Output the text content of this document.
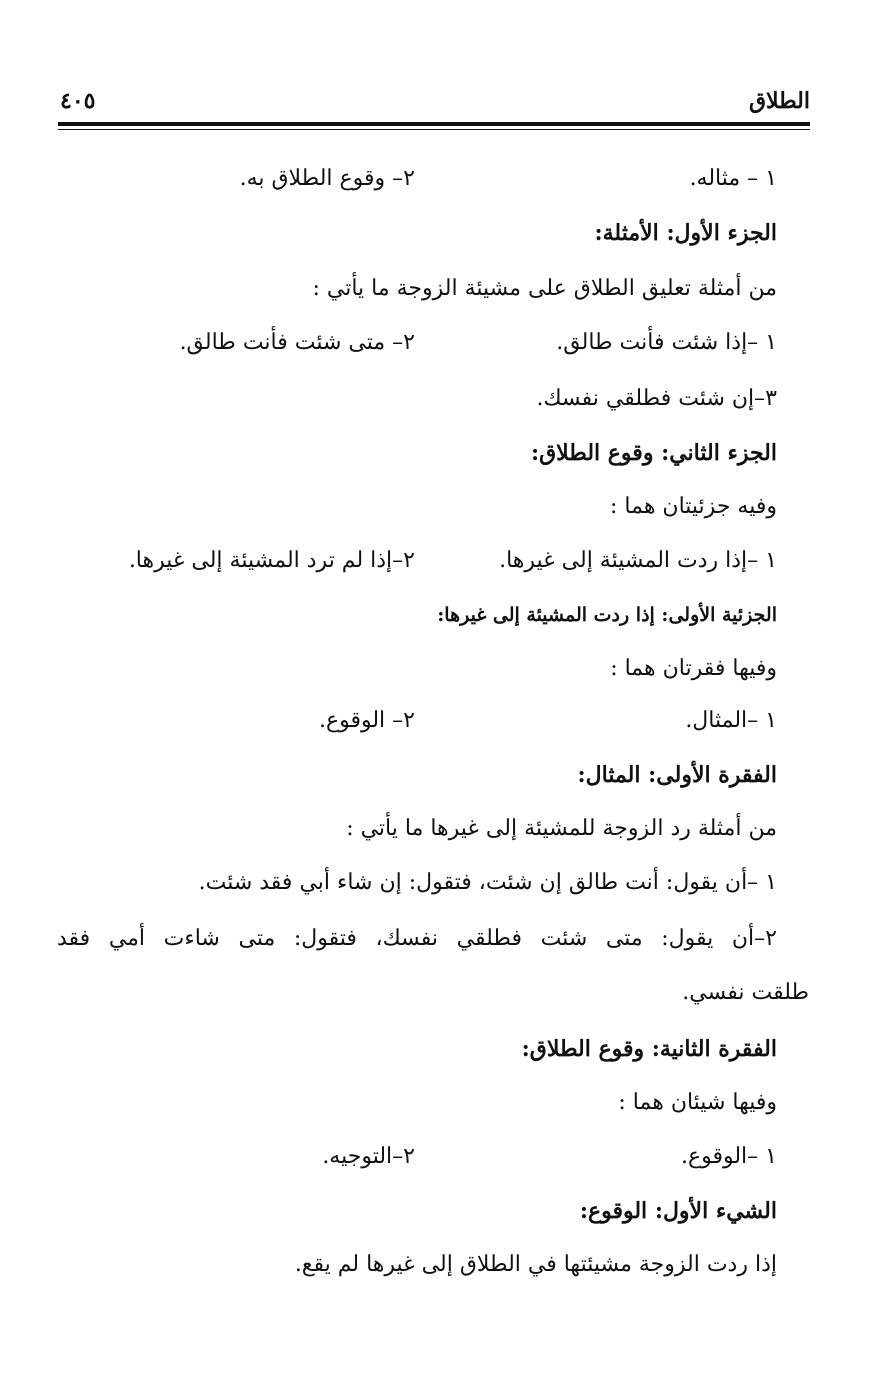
الطلاق
٤٠٥
١ – مثاله.
٢– وقوع الطلاق به.
الجزء الأول: الأمثلة:
من أمثلة تعليق الطلاق على مشيئة الزوجة ما يأتي :
١ –إذا شئت فأنت طالق.
٢– متى شئت فأنت طالق.
٣–إن شئت فطلقي نفسك.
الجزء الثاني: وقوع الطلاق:
وفيه جزئيتان هما :
١ –إذا ردت المشيئة إلى غيرها.
٢–إذا لم ترد المشيئة إلى غيرها.
الجزئية الأولى: إذا ردت المشيئة إلى غيرها:
وفيها فقرتان هما :
١ –المثال.
٢– الوقوع.
الفقرة الأولى: المثال:
من أمثلة رد الزوجة للمشيئة إلى غيرها ما يأتي :
١ –أن يقول: أنت طالق إن شئت، فتقول: إن شاء أبي فقد شئت.
٢–أن يقول: متى شئت فطلقي نفسك، فتقول: متى شاءت أمي فقد
طلقت نفسي.
الفقرة الثانية: وقوع الطلاق:
وفيها شيئان هما :
١ –الوقوع.
٢–التوجيه.
الشيء الأول: الوقوع:
إذا ردت الزوجة مشيئتها في الطلاق إلى غيرها لم يقع.
